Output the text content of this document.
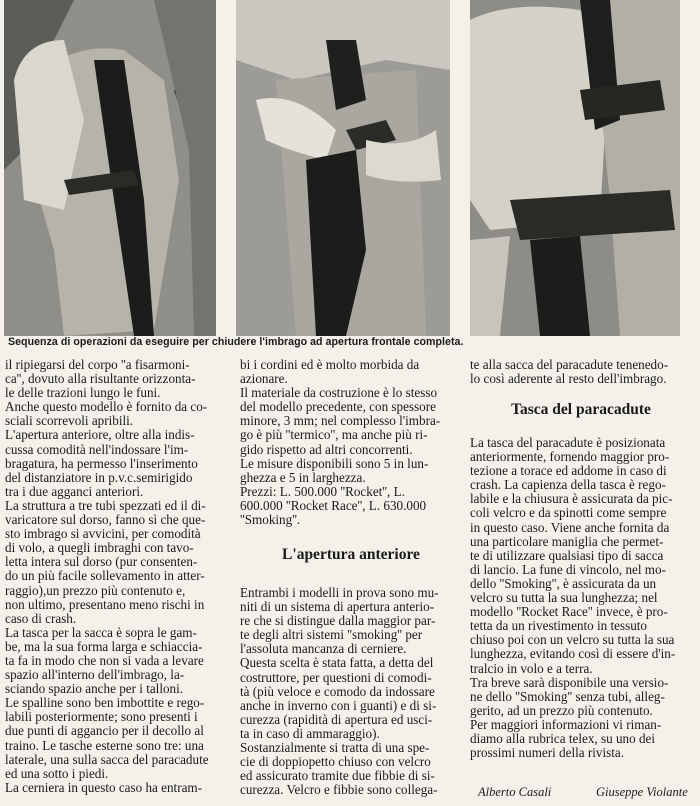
Sequenza di operazioni da eseguire per chiudere l'imbrago ad apertura frontale completa.
il ripiegarsi del corpo ''a fisarmoni-
ca'', dovuto alla risultante orizzonta-
le delle trazioni lungo le funi.
Anche questo modello è fornito da co-
sciali scorrevoli apribili.
L'apertura anteriore, oltre alla indis-
cussa comodità nell'indossare l'im-
bragatura, ha permesso l'inserimento
del distanziatore in p.v.c.semirigido
tra i due agganci anteriori.
La struttura a tre tubi spezzati ed il di-
varicatore sul dorso, fanno sì che que-
sto imbrago si avvicini, per comodità
di volo, a quegli imbraghi con tavo-
letta intera sul dorso (pur consenten-
do un più facile sollevamento in atter-
raggio),un prezzo più contenuto e,
non ultimo, presentano meno rischi in
caso di crash.
La tasca per la sacca è sopra le gam-
be, ma la sua forma larga e schiaccia-
ta fa in modo che non si vada a levare
spazio all'interno dell'imbrago, la-
sciando spazio anche per i talloni.
Le spalline sono ben imbottite e rego-
labili posteriormente; sono presenti i
due punti di aggancio per il decollo al
traino. Le tasche esterne sono tre: una
laterale, una sulla sacca del paracadute
ed una sotto i piedi.
La cerniera in questo caso ha entram-
bi i cordini ed è molto morbida da
azionare.
Il materiale da costruzione è lo stesso
del modello precedente, con spessore
minore, 3 mm; nel complesso l'imbra-
go è più ''termico'', ma anche più ri-
gido rispetto ad altri concorrenti.
Le misure disponibili sono 5 in lun-
ghezza e 5 in larghezza.
Prezzi: L. 500.000 ''Rocket'', L.
600.000 ''Rocket Race'', L. 630.000
''Smoking''.
L'apertura anteriore
Entrambi i modelli in prova sono mu-
niti di un sistema di apertura anterio-
re che si distingue dalla maggior par-
te degli altri sistemi ''smoking'' per
l'assoluta mancanza di cerniere.
Questa scelta è stata fatta, a detta del
costruttore, per questioni di comodi-
tà (più veloce e comodo da indossare
anche in inverno con i guanti) e di si-
curezza (rapidità di apertura ed usci-
ta in caso di ammaraggio).
Sostanzialmente si tratta di una spe-
cie di doppiopetto chiuso con velcro
ed assicurato tramite due fibbie di si-
curezza. Velcro e fibbie sono collega-
te alla sacca del paracadute tenenedo-
lo così aderente al resto dell'imbrago.
Tasca del paracadute
La tasca del paracadute è posizionata
anteriormente, fornendo maggior pro-
tezione a torace ed addome in caso di
crash. La capienza della tasca è rego-
labile e la chiusura è assicurata da pic-
coli velcro e da spinotti come sempre
in questo caso. Viene anche fornita da
una particolare maniglia che permet-
te di utilizzare qualsiasi tipo di sacca
di lancio. La fune di vincolo, nel mo-
dello ''Smoking'', è assicurata da un
velcro su tutta la sua lunghezza; nel
modello ''Rocket Race'' invece, è pro-
tetta da un rivestimento in tessuto
chiuso poi con un velcro su tutta la sua
lunghezza, evitando così di essere d'in-
tralcio in volo e a terra.
Tra breve sarà disponibile una versio-
ne dello ''Smoking'' senza tubi, alleg-
gerito, ad un prezzo più contenuto.
Per maggiori informazioni vi riman-
diamo alla rubrica telex, su uno dei
prossimi numeri della rivista.
Alberto Casali	Giuseppe Violante
